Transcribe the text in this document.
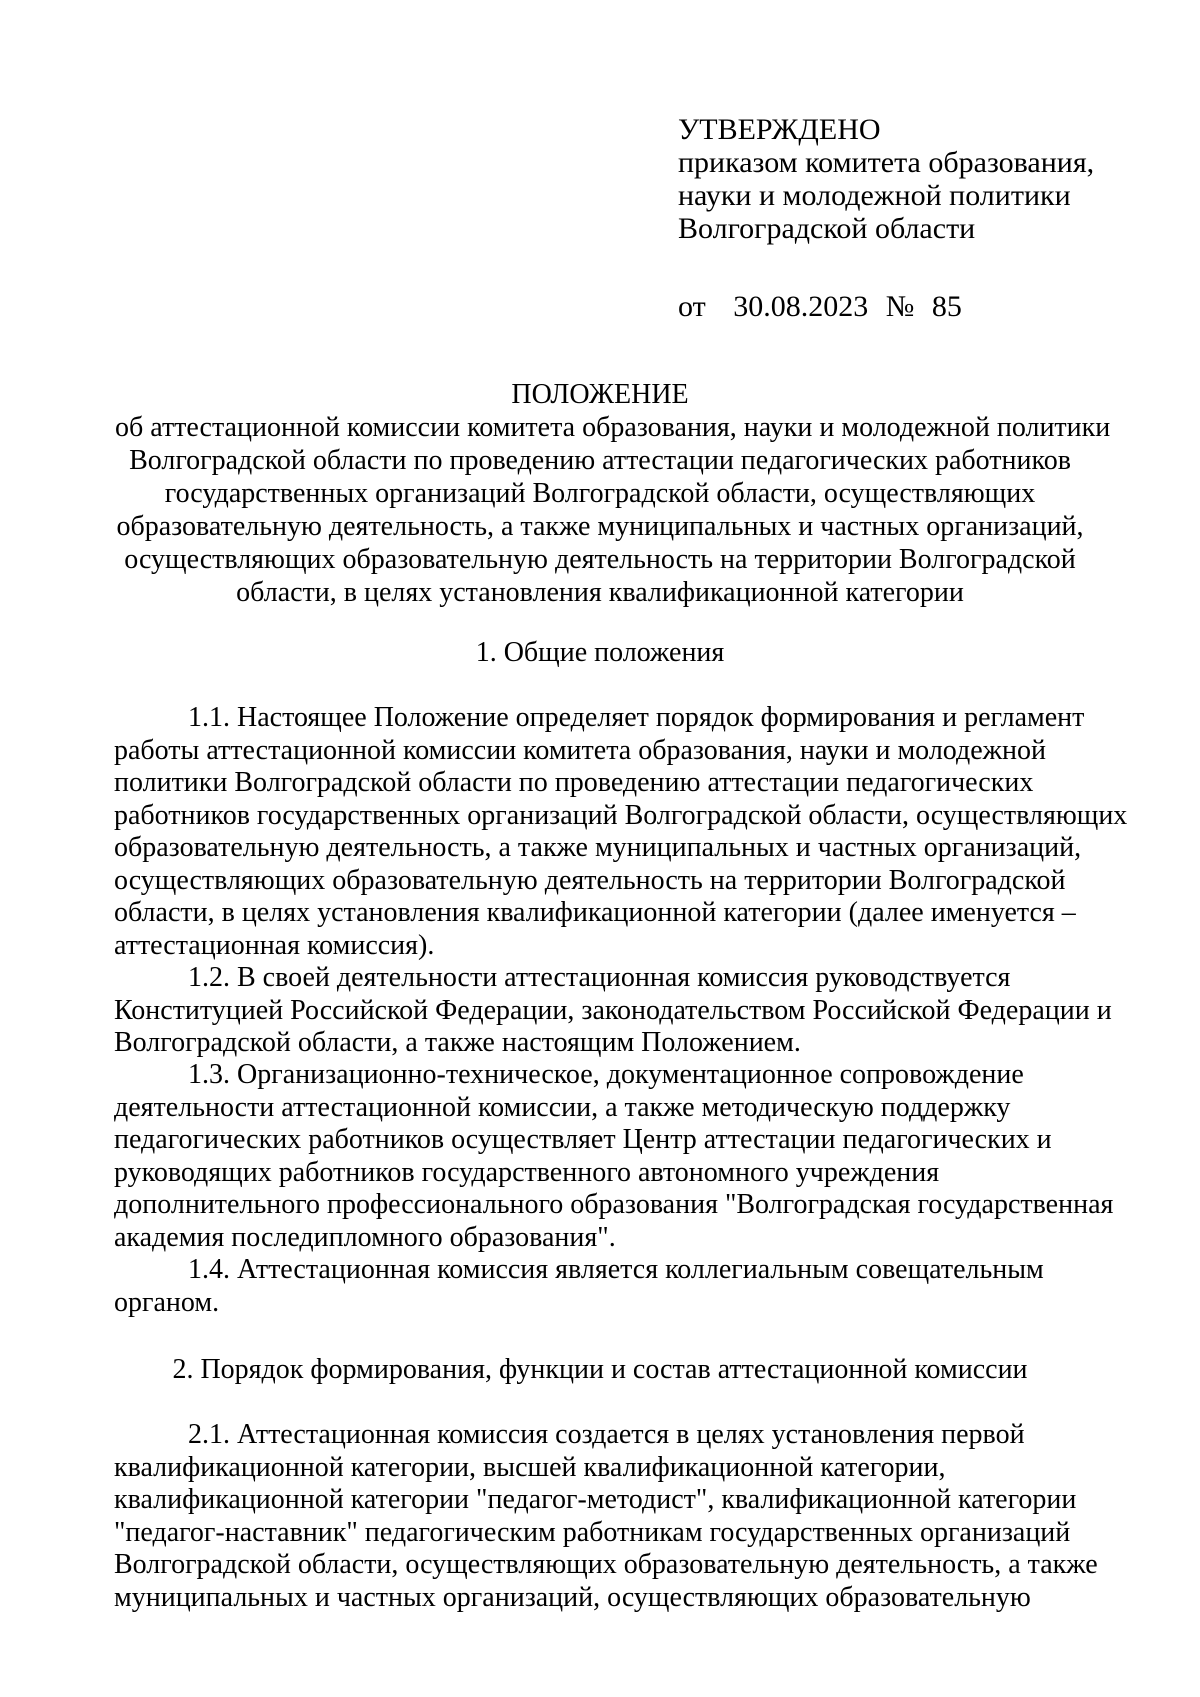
УТВЕРЖДЕНО
приказом комитета образования,
науки и молодежной политики
Волгоградской области
от 30.08.2023 № 85
ПОЛОЖЕНИЕ
об аттестационной комиссии комитета образования, науки и молодежной политики
Волгоградской области по проведению аттестации педагогических работников
государственных организаций Волгоградской области, осуществляющих
образовательную деятельность, а также муниципальных и частных организаций,
осуществляющих образовательную деятельность на территории Волгоградской
области, в целях установления квалификационной категории
1. Общие положения
1.1. Настоящее Положение определяет порядок формирования и регламент
работы аттестационной комиссии комитета образования, науки и молодежной
политики Волгоградской области по проведению аттестации педагогических
работников государственных организаций Волгоградской области, осуществляющих
образовательную деятельность, а также муниципальных и частных организаций,
осуществляющих образовательную деятельность на территории Волгоградской
области, в целях установления квалификационной категории (далее именуется –
аттестационная комиссия).
1.2. В своей деятельности аттестационная комиссия руководствуется
Конституцией Российской Федерации, законодательством Российской Федерации и
Волгоградской области, а также настоящим Положением.
1.3. Организационно-техническое, документационное сопровождение
деятельности аттестационной комиссии, а также методическую поддержку
педагогических работников осуществляет Центр аттестации педагогических и
руководящих работников государственного автономного учреждения
дополнительного профессионального образования "Волгоградская государственная
академия последипломного образования".
1.4. Аттестационная комиссия является коллегиальным совещательным
органом.
2. Порядок формирования, функции и состав аттестационной комиссии
2.1. Аттестационная комиссия создается в целях установления первой
квалификационной категории, высшей квалификационной категории,
квалификационной категории "педагог-методист", квалификационной категории
"педагог-наставник" педагогическим работникам государственных организаций
Волгоградской области, осуществляющих образовательную деятельность, а также
муниципальных и частных организаций, осуществляющих образовательную
